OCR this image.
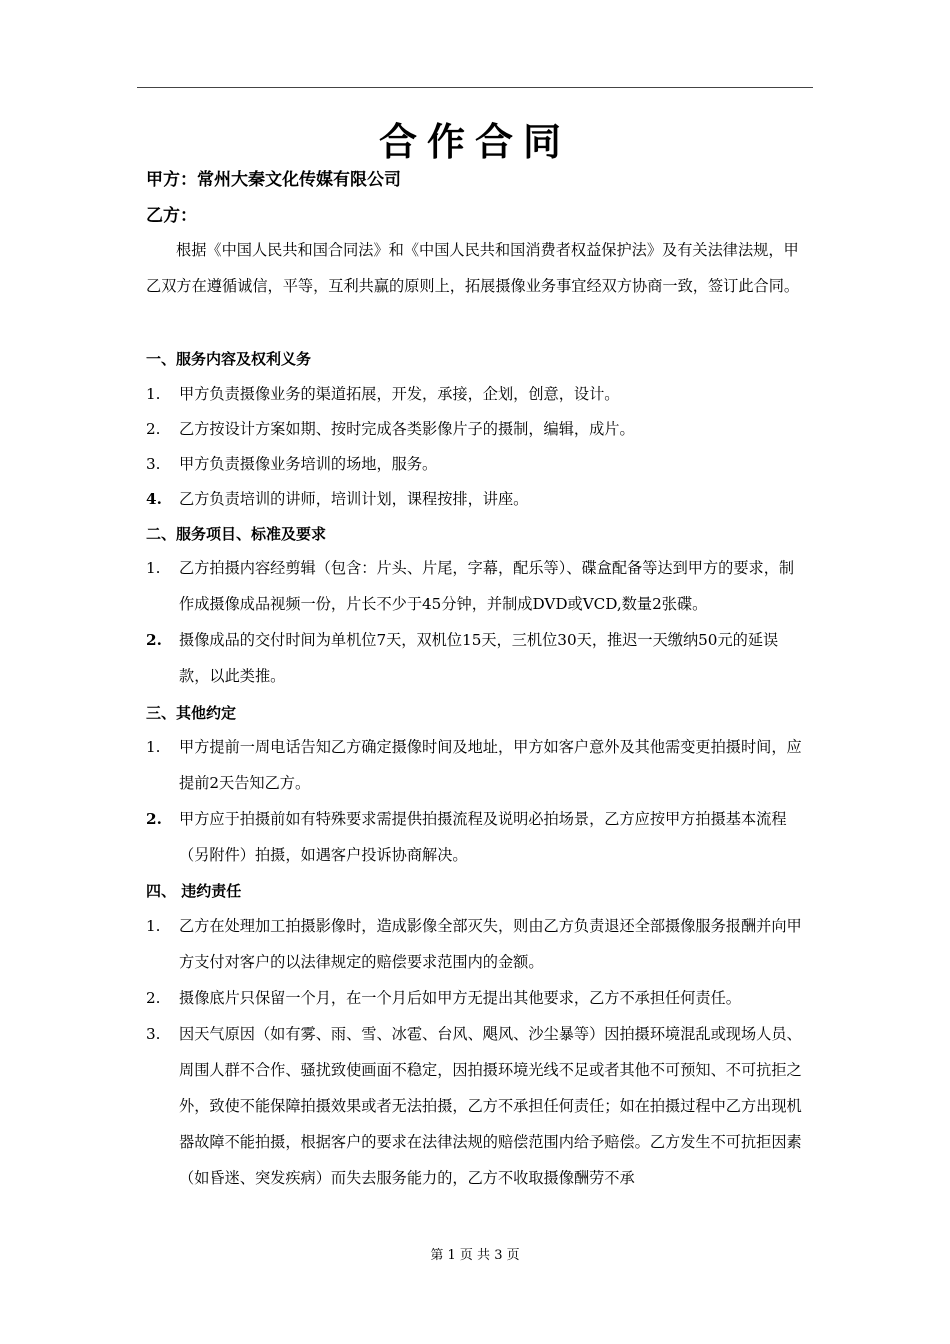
合作合同
甲方：常州大秦文化传媒有限公司
乙方：
根据《中国人民共和国合同法》和《中国人民共和国消费者权益保护法》及有关法律法规，甲乙双方在遵循诚信，平等，互利共赢的原则上，拓展摄像业务事宜经双方协商一致，签订此合同。
一、服务内容及权利义务
1.	甲方负责摄像业务的渠道拓展，开发，承接，企划，创意，设计。
2.	乙方按设计方案如期、按时完成各类影像片子的摄制，编辑，成片。
3.	甲方负责摄像业务培训的场地，服务。
4.	乙方负责培训的讲师，培训计划，课程按排，讲座。
二、服务项目、标准及要求
1.	乙方拍摄内容经剪辑（包含：片头、片尾，字幕，配乐等）、碟盒配备等达到甲方的要求，制作成摄像成品视频一份，片长不少于45分钟，并制成DVD或VCD,数量2张碟。
2.	摄像成品的交付时间为单机位7天，双机位15天，三机位30天，推迟一天缴纳50元的延误款，以此类推。
三、其他约定
1.	甲方提前一周电话告知乙方确定摄像时间及地址，甲方如客户意外及其他需变更拍摄时间，应提前2天告知乙方。
2.	甲方应于拍摄前如有特殊要求需提供拍摄流程及说明必拍场景，乙方应按甲方拍摄基本流程（另附件）拍摄，如遇客户投诉协商解决。
四、 违约责任
1.	乙方在处理加工拍摄影像时，造成影像全部灭失，则由乙方负责退还全部摄像服务报酬并向甲方支付对客户的以法律规定的赔偿要求范围内的金额。
2.	摄像底片只保留一个月，在一个月后如甲方无提出其他要求，乙方不承担任何责任。
3.	因天气原因（如有雾、雨、雪、冰雹、台风、飓风、沙尘暴等）因拍摄环境混乱或现场人员、周围人群不合作、骚扰致使画面不稳定，因拍摄环境光线不足或者其他不可预知、不可抗拒之外，致使不能保障拍摄效果或者无法拍摄，乙方不承担任何责任；如在拍摄过程中乙方出现机器故障不能拍摄，根据客户的要求在法律法规的赔偿范围内给予赔偿。乙方发生不可抗拒因素（如昏迷、突发疾病）而失去服务能力的，乙方不收取摄像酬劳不承
第 1 页 共 3 页
